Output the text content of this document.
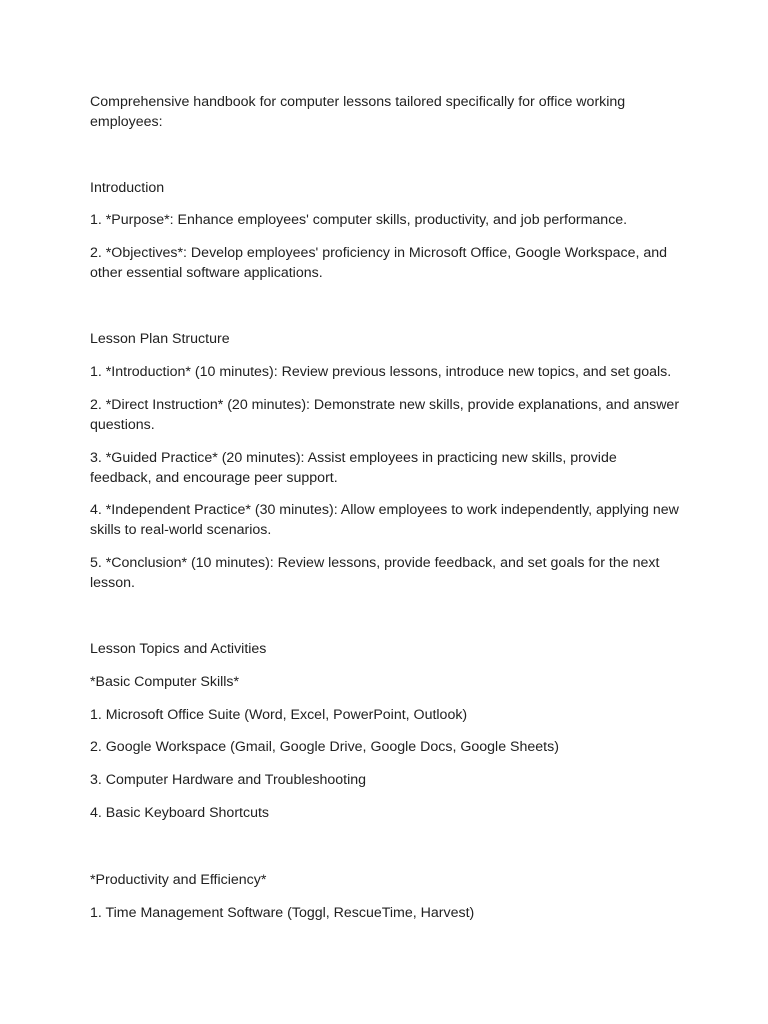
Comprehensive handbook for computer lessons tailored specifically for office working employees:

Introduction

1. *Purpose*: Enhance employees' computer skills, productivity, and job performance.

2. *Objectives*: Develop employees' proficiency in Microsoft Office, Google Workspace, and other essential software applications.

Lesson Plan Structure

1. *Introduction* (10 minutes): Review previous lessons, introduce new topics, and set goals.

2. *Direct Instruction* (20 minutes): Demonstrate new skills, provide explanations, and answer questions.

3. *Guided Practice* (20 minutes): Assist employees in practicing new skills, provide feedback, and encourage peer support.

4. *Independent Practice* (30 minutes): Allow employees to work independently, applying new skills to real-world scenarios.

5. *Conclusion* (10 minutes): Review lessons, provide feedback, and set goals for the next lesson.

Lesson Topics and Activities

*Basic Computer Skills*

1. Microsoft Office Suite (Word, Excel, PowerPoint, Outlook)

2. Google Workspace (Gmail, Google Drive, Google Docs, Google Sheets)

3. Computer Hardware and Troubleshooting

4. Basic Keyboard Shortcuts

*Productivity and Efficiency*

1. Time Management Software (Toggl, RescueTime, Harvest)
